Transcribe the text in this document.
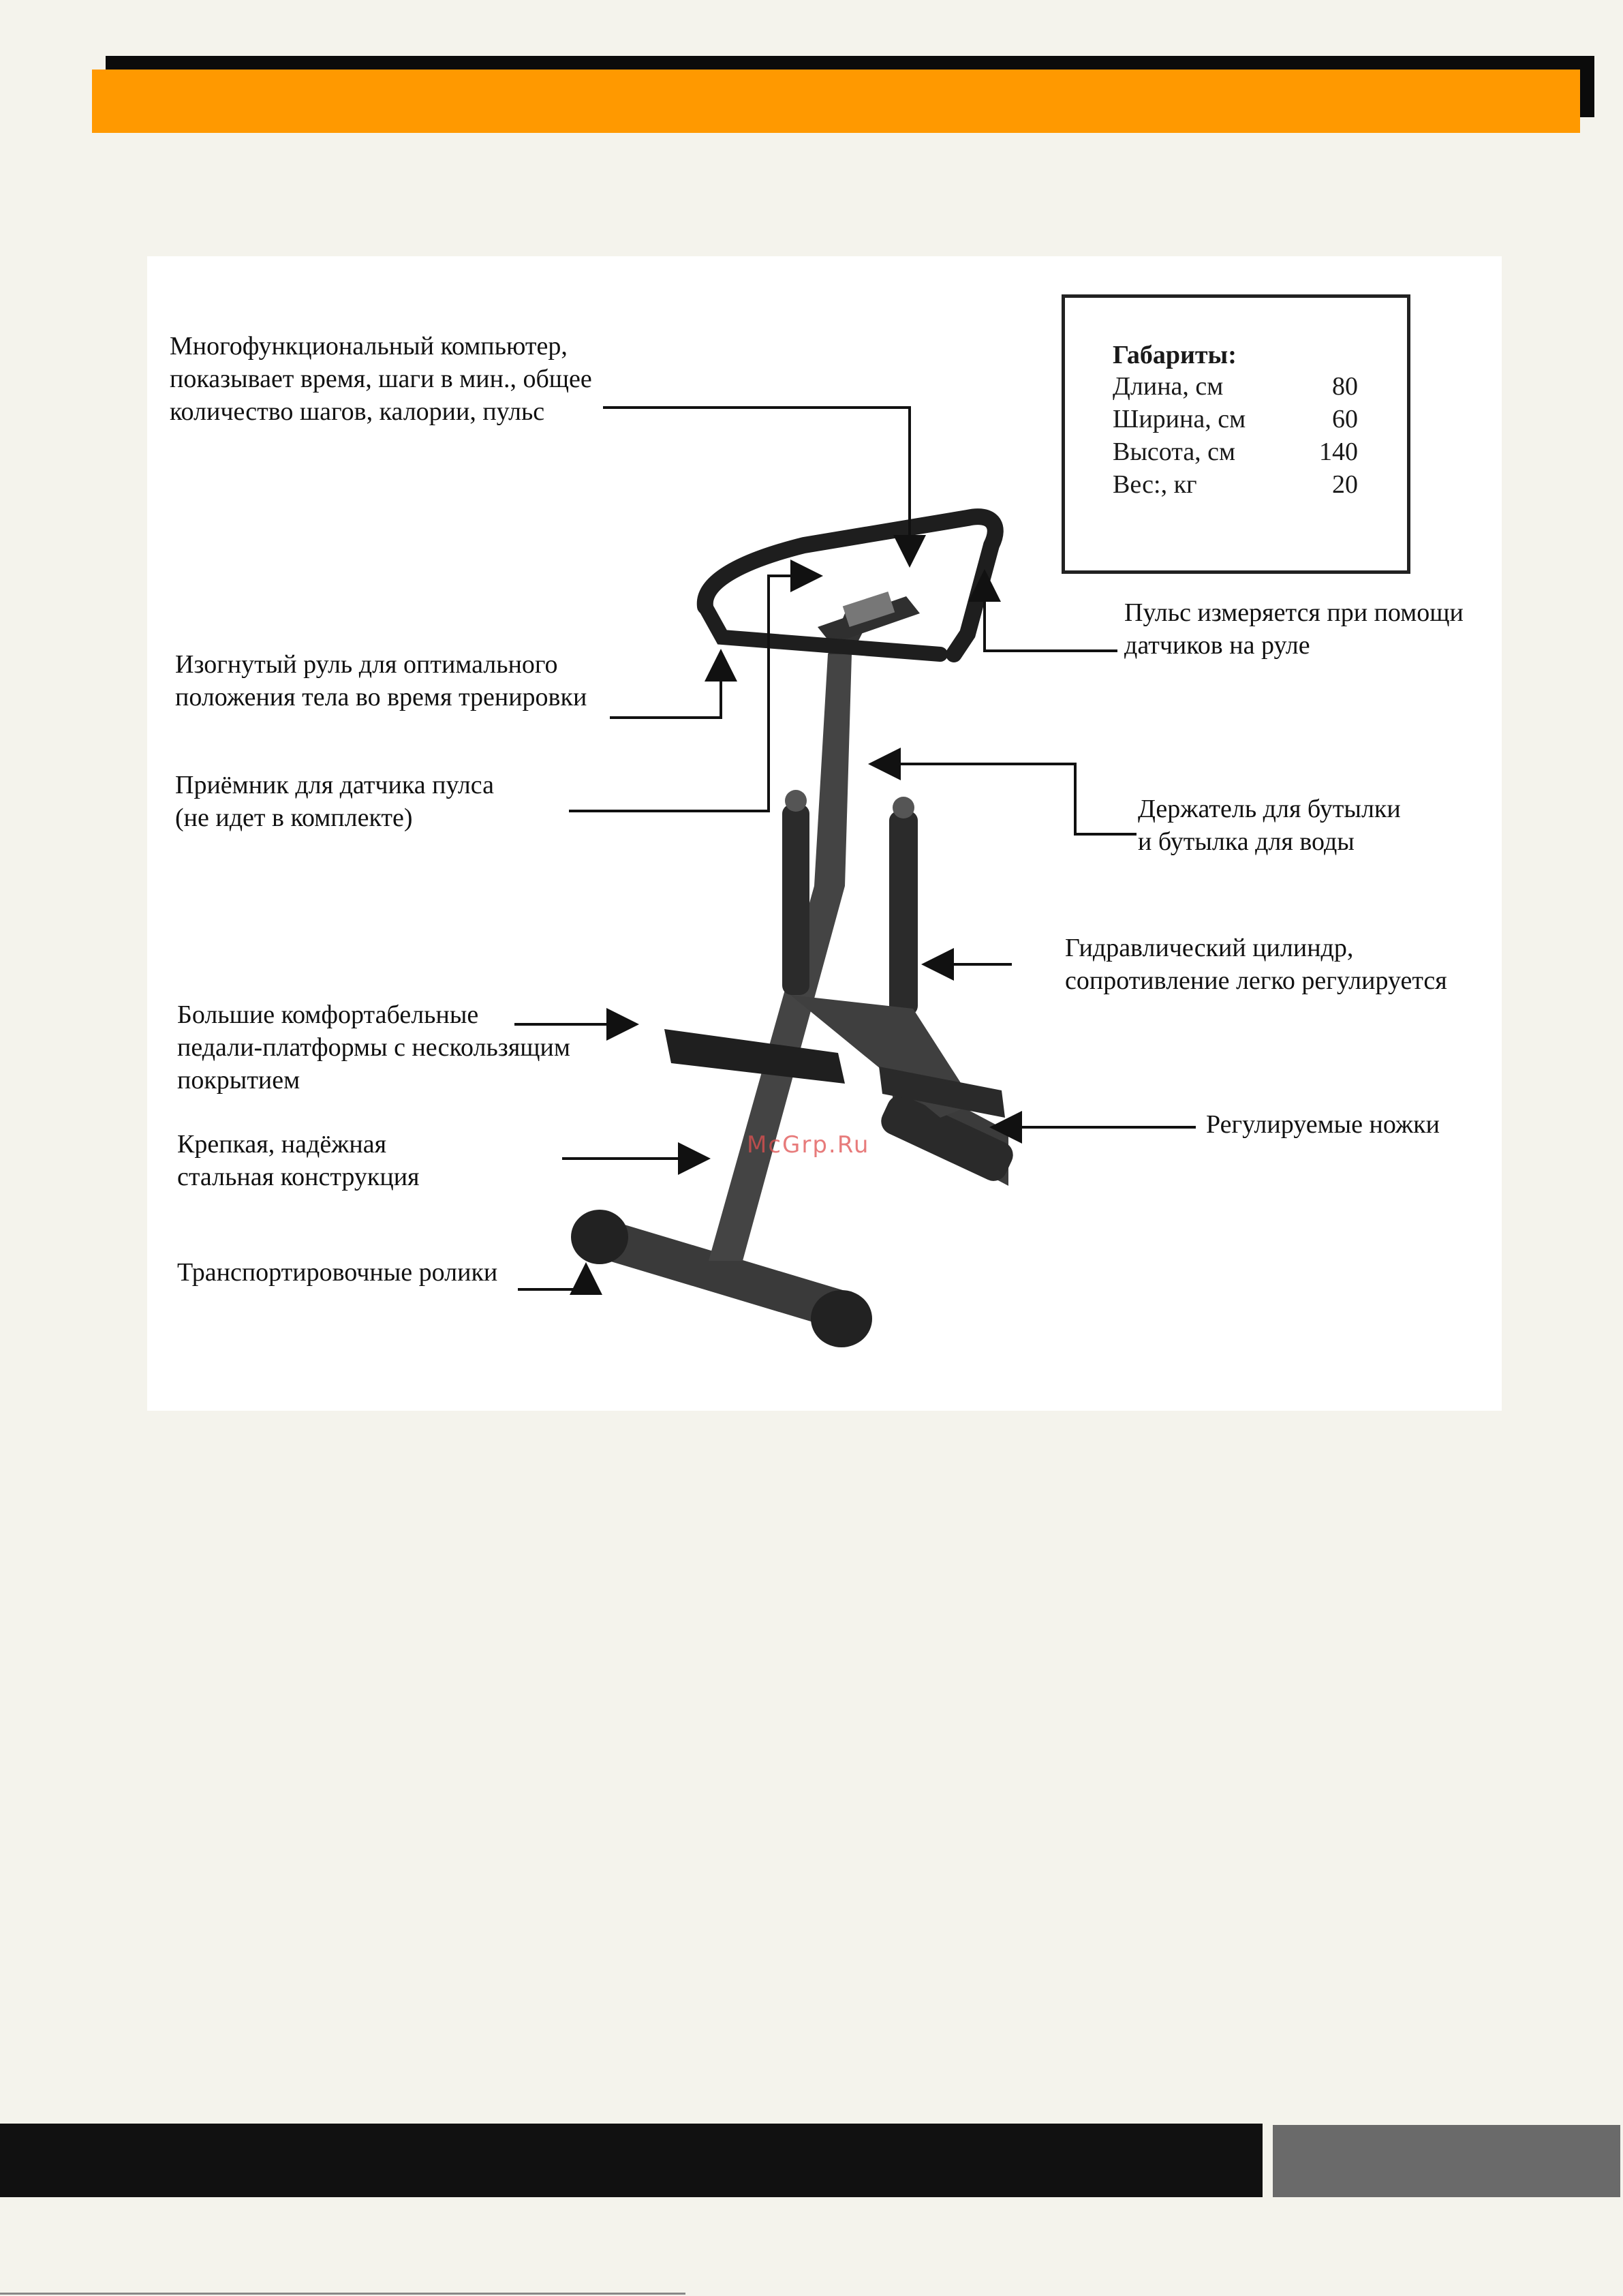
Многофункциональный компьютер,
показывает время, шаги в мин., общее
количество шагов, калории, пульс
Изогнутый руль для оптимального
положения тела во время тренировки
Приёмник для датчика пулса
(не идет в комплекте)
Большие комфортабельные
педали-платформы с нескользящим
покрытием
Крепкая, надёжная
стальная конструкция
Транспортировочные ролики
Пульс измеряется при помощи
датчиков на руле
Держатель для бутылки
и бутылка для воды
Гидравлический цилиндр,
сопротивление легко регулируется
Регулируемые ножки
Габариты:
Длина, см	80
Ширина, см	60
Высота, см	140
Вес:, кг	20
McGrp.Ru
